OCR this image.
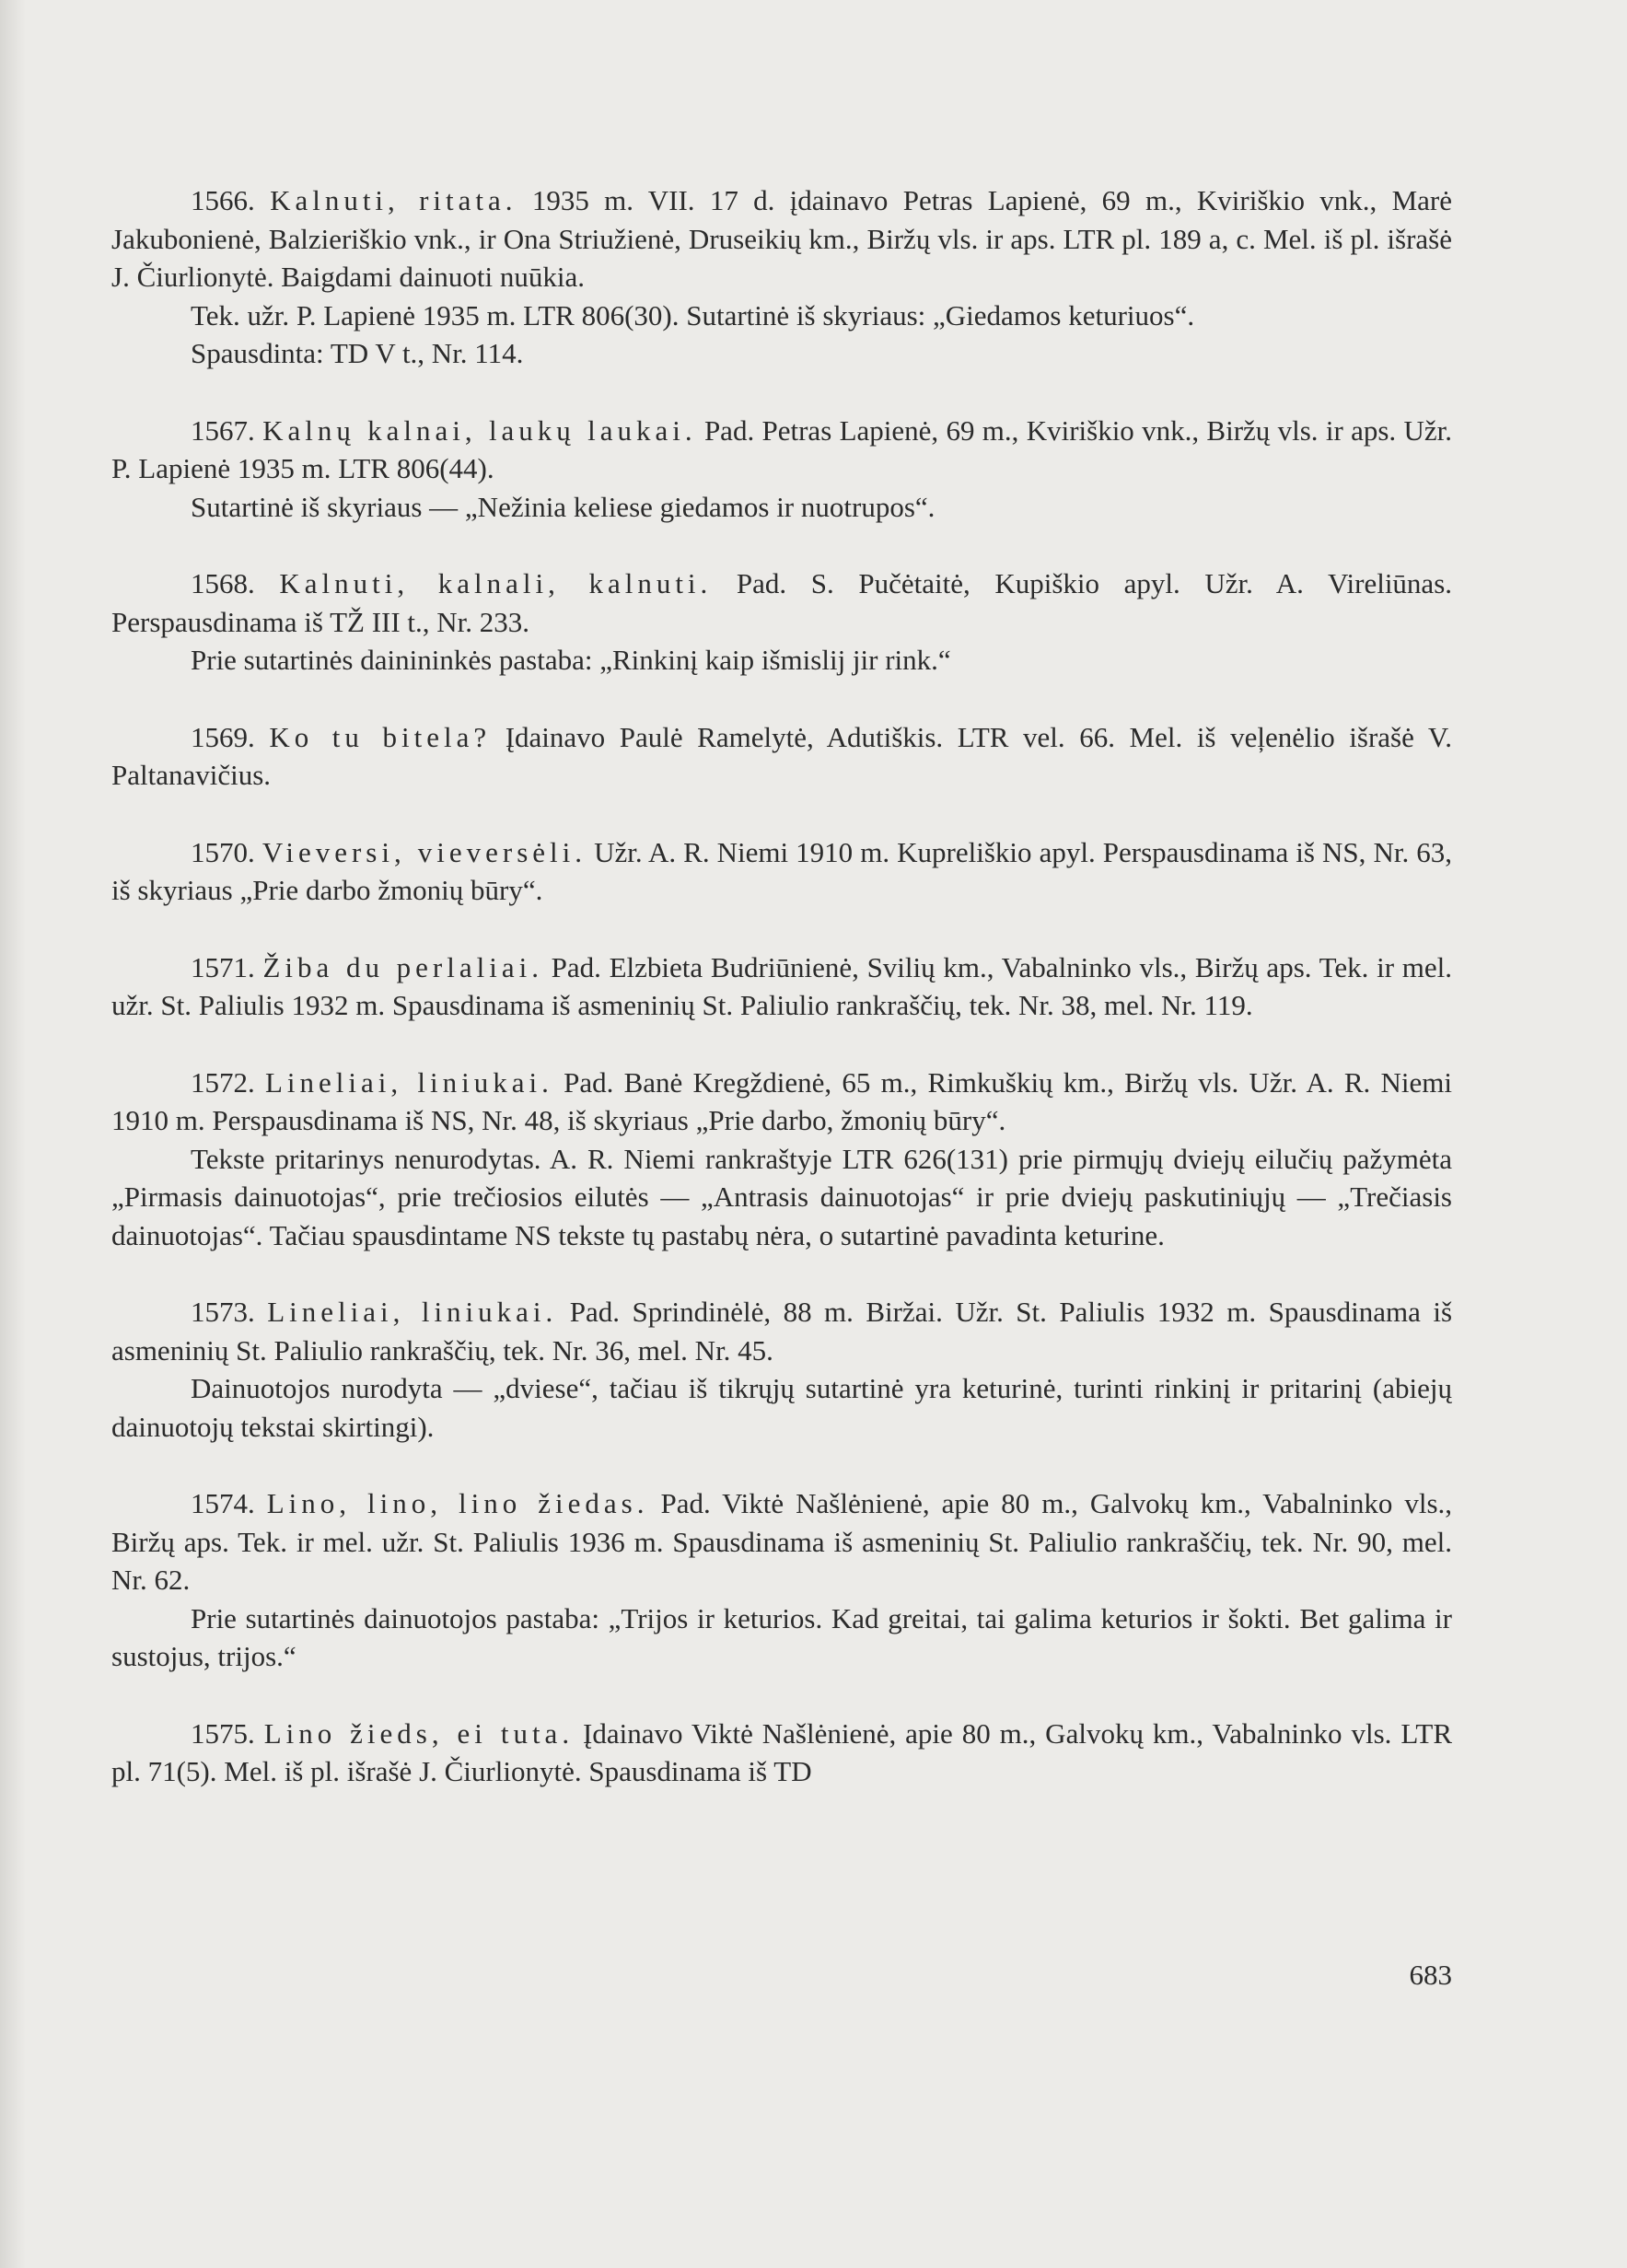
1566. Kalnuti, ritata. 1935 m. VII. 17 d. įdainavo Petras Lapienė, 69 m., Kviriškio vnk., Marė Jakubonienė, Balzieriškio vnk., ir Ona Striužienė, Druseikių km., Biržų vls. ir aps. LTR pl. 189 a, c. Mel. iš pl. išrašė J. Čiurlionytė. Baigdami dainuoti nuūkia.

Tek. užr. P. Lapienė 1935 m. LTR 806(30). Sutartinė iš skyriaus: „Giedamos keturiuos“.

Spausdinta: TD V t., Nr. 114.

1567. Kalnų kalnai, laukų laukai. Pad. Petras Lapienė, 69 m., Kviriškio vnk., Biržų vls. ir aps. Užr. P. Lapienė 1935 m. LTR 806(44).

Sutartinė iš skyriaus — „Nežinia keliese giedamos ir nuotrupos“.

1568. Kalnuti, kalnali, kalnuti. Pad. S. Pučėtaitė, Kupiškio apyl. Užr. A. Vireliūnas. Perspausdinama iš TŽ III t., Nr. 233.

Prie sutartinės dainininkės pastaba: „Rinkinį kaip išmislij jir rink.“

1569. Ko tu bitela? Įdainavo Paulė Ramelytė, Adutiškis. LTR vel. 66. Mel. iš veļenėlio išrašė V. Paltanavičius.

1570. Vieversi, vieversėli. Užr. A. R. Niemi 1910 m. Kupreliškio apyl. Perspausdinama iš NS, Nr. 63, iš skyriaus „Prie darbo žmonių būry“.

1571. Žiba du perlaliai. Pad. Elzbieta Budriūnienė, Svilių km., Vabalninko vls., Biržų aps. Tek. ir mel. užr. St. Paliulis 1932 m. Spausdinama iš asmeninių St. Paliulio rankraščių, tek. Nr. 38, mel. Nr. 119.

1572. Lineliai, liniukai. Pad. Banė Kregždienė, 65 m., Rimkuškių km., Biržų vls. Užr. A. R. Niemi 1910 m. Perspausdinama iš NS, Nr. 48, iš skyriaus „Prie darbo, žmonių būry“.

Tekste pritarinys nenurodytas. A. R. Niemi rankraštyje LTR 626(131) prie pirmųjų dviejų eilučių pažymėta „Pirmasis dainuotojas“, prie trečiosios eilutės — „Antrasis dainuotojas“ ir prie dviejų paskutiniųjų — „Trečiasis dainuotojas“. Tačiau spausdintame NS tekste tų pastabų nėra, o sutartinė pavadinta keturine.

1573. Lineliai, liniukai. Pad. Sprindinėlė, 88 m. Biržai. Užr. St. Paliulis 1932 m. Spausdinama iš asmeninių St. Paliulio rankraščių, tek. Nr. 36, mel. Nr. 45.

Dainuotojos nurodyta — „dviese“, tačiau iš tikrųjų sutartinė yra keturinė, turinti rinkinį ir pritarinį (abiejų dainuotojų tekstai skirtingi).

1574. Lino, lino, lino žiedas. Pad. Viktė Našlėnienė, apie 80 m., Galvokų km., Vabalninko vls., Biržų aps. Tek. ir mel. užr. St. Paliulis 1936 m. Spausdinama iš asmeninių St. Paliulio rankraščių, tek. Nr. 90, mel. Nr. 62.

Prie sutartinės dainuotojos pastaba: „Trijos ir keturios. Kad greitai, tai galima keturios ir šokti. Bet galima ir sustojus, trijos.“

1575. Lino žieds, ei tuta. Įdainavo Viktė Našlėnienė, apie 80 m., Galvokų km., Vabalninko vls. LTR pl. 71(5). Mel. iš pl. išrašė J. Čiurlionytė. Spausdinama iš TD

683
